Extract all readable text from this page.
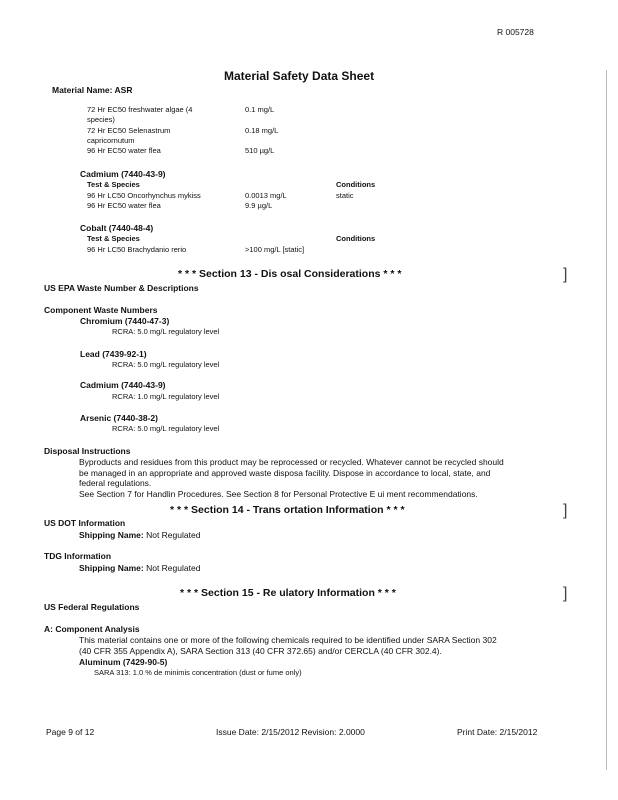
R 005728
Material Safety Data Sheet
Material Name: ASR
72 Hr EC50 freshwater algae (4
species)
0.1 mg/L
72 Hr EC50 Selenastrum
capricornutum
0.18 mg/L
96 Hr EC50 water flea	510 µg/L
Cadmium (7440-43-9)
Test & Species	Conditions
96 Hr LC50 Oncorhynchus mykiss	0.0013 mg/L	static
96 Hr EC50 water flea	9.9 µg/L
Cobalt (7440-48-4)
Test & Species	Conditions
96 Hr LC50 Brachydanio rerio	>100 mg/L [static]
* * * Section 13 - Dis osal Considerations * * *	]
US EPA Waste Number & Descriptions
Component Waste Numbers
Chromium (7440-47-3)
RCRA: 5.0 mg/L regulatory level
Lead (7439-92-1)
RCRA: 5.0 mg/L regulatory level
Cadmium (7440-43-9)
RCRA: 1.0 mg/L regulatory level
Arsenic (7440-38-2)
RCRA: 5.0 mg/L regulatory level
Disposal Instructions
Byproducts and residues from this product may be reprocessed or recycled. Whatever cannot be recycled should
be managed in an appropriate and approved waste disposa facility. Dispose in accordance to local, state, and
federal regulations.
See Section 7 for Handlin Procedures. See Section 8 for Personal Protective E ui ment recommendations.
* * * Section 14 - Trans ortation Information * * *	]
US DOT Information
Shipping Name: Not Regulated
TDG Information
Shipping Name: Not Regulated
* * * Section 15 - Re ulatory Information * * *	]
US Federal Regulations
A: Component Analysis
This material contains one or more of the following chemicals required to be identified under SARA Section 302
(40 CFR 355 Appendix A), SARA Section 313 (40 CFR 372.65) and/or CERCLA (40 CFR 302.4).
Aluminum (7429-90-5)
SARA 313: 1.0 % de minimis concentration (dust or fume only)
Page 9 of 12	Issue Date: 2/15/2012 Revision: 2.0000	Print Date: 2/15/2012
